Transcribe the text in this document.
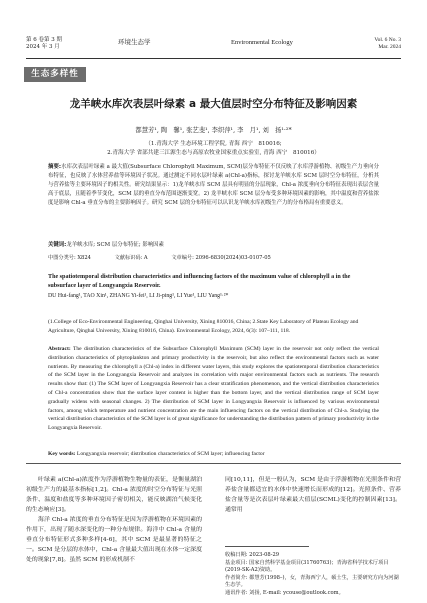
第 6 卷第 3 期
2024 年 3 月
环境生态学	Environmental Ecology	Vol. 6 No. 3
Mar. 2024
生态多样性
龙羊峡水库次表层叶绿素 a 最大值层时空分布特征及影响因素
都慧芳¹, 陶　馨¹, 张艺斐¹, 李织萍¹, 李　月¹, 刘　扬¹·²*
（1.青海大学 生态环境工程学院, 青海 西宁　810016;
2.青海大学 省部共建三江源生态与高原农牧业国家重点实验室, 青海 西宁　810016）
摘要:水库次表层叶绿素 a 最大值(Subsurface Chlorophyll Maximum, SCM)层分布特征不仅反映了水库浮游植物、初级生产力垂向分布特征，也反映了水体营养盐等环境因子状况。通过测定不同水层叶绿素 a(Chl-a)指标，探讨龙羊峡水库 SCM 层时空分布特征，分析其与营养盐等主要环境因子的相关性。研究结果显示：1)龙羊峡水库 SCM 层具有明显的分层现象，Chl-a 浓度垂向分布特征表现出表层含量高于底层，且随着季节变化，SCM 层的垂直分布范围逐渐变宽。2) 龙羊峡水库 SCM 层分布受多种环境因素的影响，其中温度和营养盐浓度是影响 Chl-a 垂直分布的主要影响因子。研究 SCM 层的分布特征可以认识龙羊峡水库初级生产力的分布格局有重要意义。
关键词:龙羊峡水库; SCM 层分布特征; 影响因素
中图分类号: X824	文献标识码: A	文章编号: 2096-6830(2024)03-0107-05
The spatiotemporal distribution characteristics and influencing factors of the maximum value of chlorophyll a in the subsurface layer of Longyangxia Reservoir.
DU Hui-fang¹, TAO Xin¹, ZHANG Yi-fei¹, LI Ji-ping¹, LI Yue¹, LIU Yang¹·²*
(1.College of Eco-Environmental Engineering, Qinghai University, Xining 810016, China; 2.State Key Laboratory of Plateau Ecology and Agriculture, Qinghai University, Xining 810016, China). Environmental Ecology, 2024, 6(3): 107–111, 118.
Abstract: The distribution characteristics of the Subsurface Chlorophyll Maximum (SCM) layer in the reservoir not only reflect the vertical distribution characteristics of phytoplankton and primary productivity in the reservoir, but also reflect the environmental factors such as water nutrients. By measuring the chlorophyll a (Chl-a) index in different water layers, this study explores the spatiotemporal distribution characteristics of the SCM layer in the Longyangxia Reservoir and analyzes its correlation with major environmental factors such as nutrients. The research results show that: (1) The SCM layer of Longyangxia Reservoir has a clear stratification phenomenon, and the vertical distribution characteristics of Chl-a concentration show that the surface layer content is higher than the bottom layer, and the vertical distribution range of SCM layer gradually widens with seasonal changes. 2) The distribution of SCM layer in Longyangxia Reservoir is influenced by various environmental factors, among which temperature and nutrient concentration are the main influencing factors on the vertical distribution of Chl-a. Studying the vertical distribution characteristics of the SCM layer is of great significance for understanding the distribution pattern of primary productivity in the Longyangxia Reservoir.
Key words: Longyangxia reservoir; distribution characteristics of SCM layer; influencing factor

叶绿素 a(Chl-a)浓度作为浮游植物生物量的表征，是衡量湖泊初级生产力的最基本指标[1,2]。Chl-a 浓度的时空分布特征与光照条件、温度和盐度等多种环境因子密切相关，能反映湖泊气候变化的生态响应[3]。

海洋 Chl-a 浓度的垂直分布特征是因为浮游植物在环境因素的作用下，出现了随水深变化的一种分布规律。海洋中 Chl-a 含量的垂直分布特征形式多种多样[4-6]，其中 SCM 是最显著的特征之一。SCM 是分层的水体中，Chl-a 含量最大值出现在水体一定深度处的现象[7,8]。虽然 SCM 的形成机制不

同[10,11]，但是一般认为，SCM 是由于浮游植物在光照条件和营养盐含量都适宜的水体中快速增长而形成的[12]。光照条件、营养盐含量等是次表层叶绿素最大值层(SCML)变化的控制因素[13]。通常用

收稿日期: 2023-08-29
基金项目: 国家自然科学基金项目(31760763)；青海省科学技术厅项目(2019-SK-A2)资助。
作者简介: 都慧芳(1998–)，女，青海西宁人，硕士生，主要研究方向为河湖生态学。
通讯作者: 刘扬, E-mail: ycouse@outlook.com。
